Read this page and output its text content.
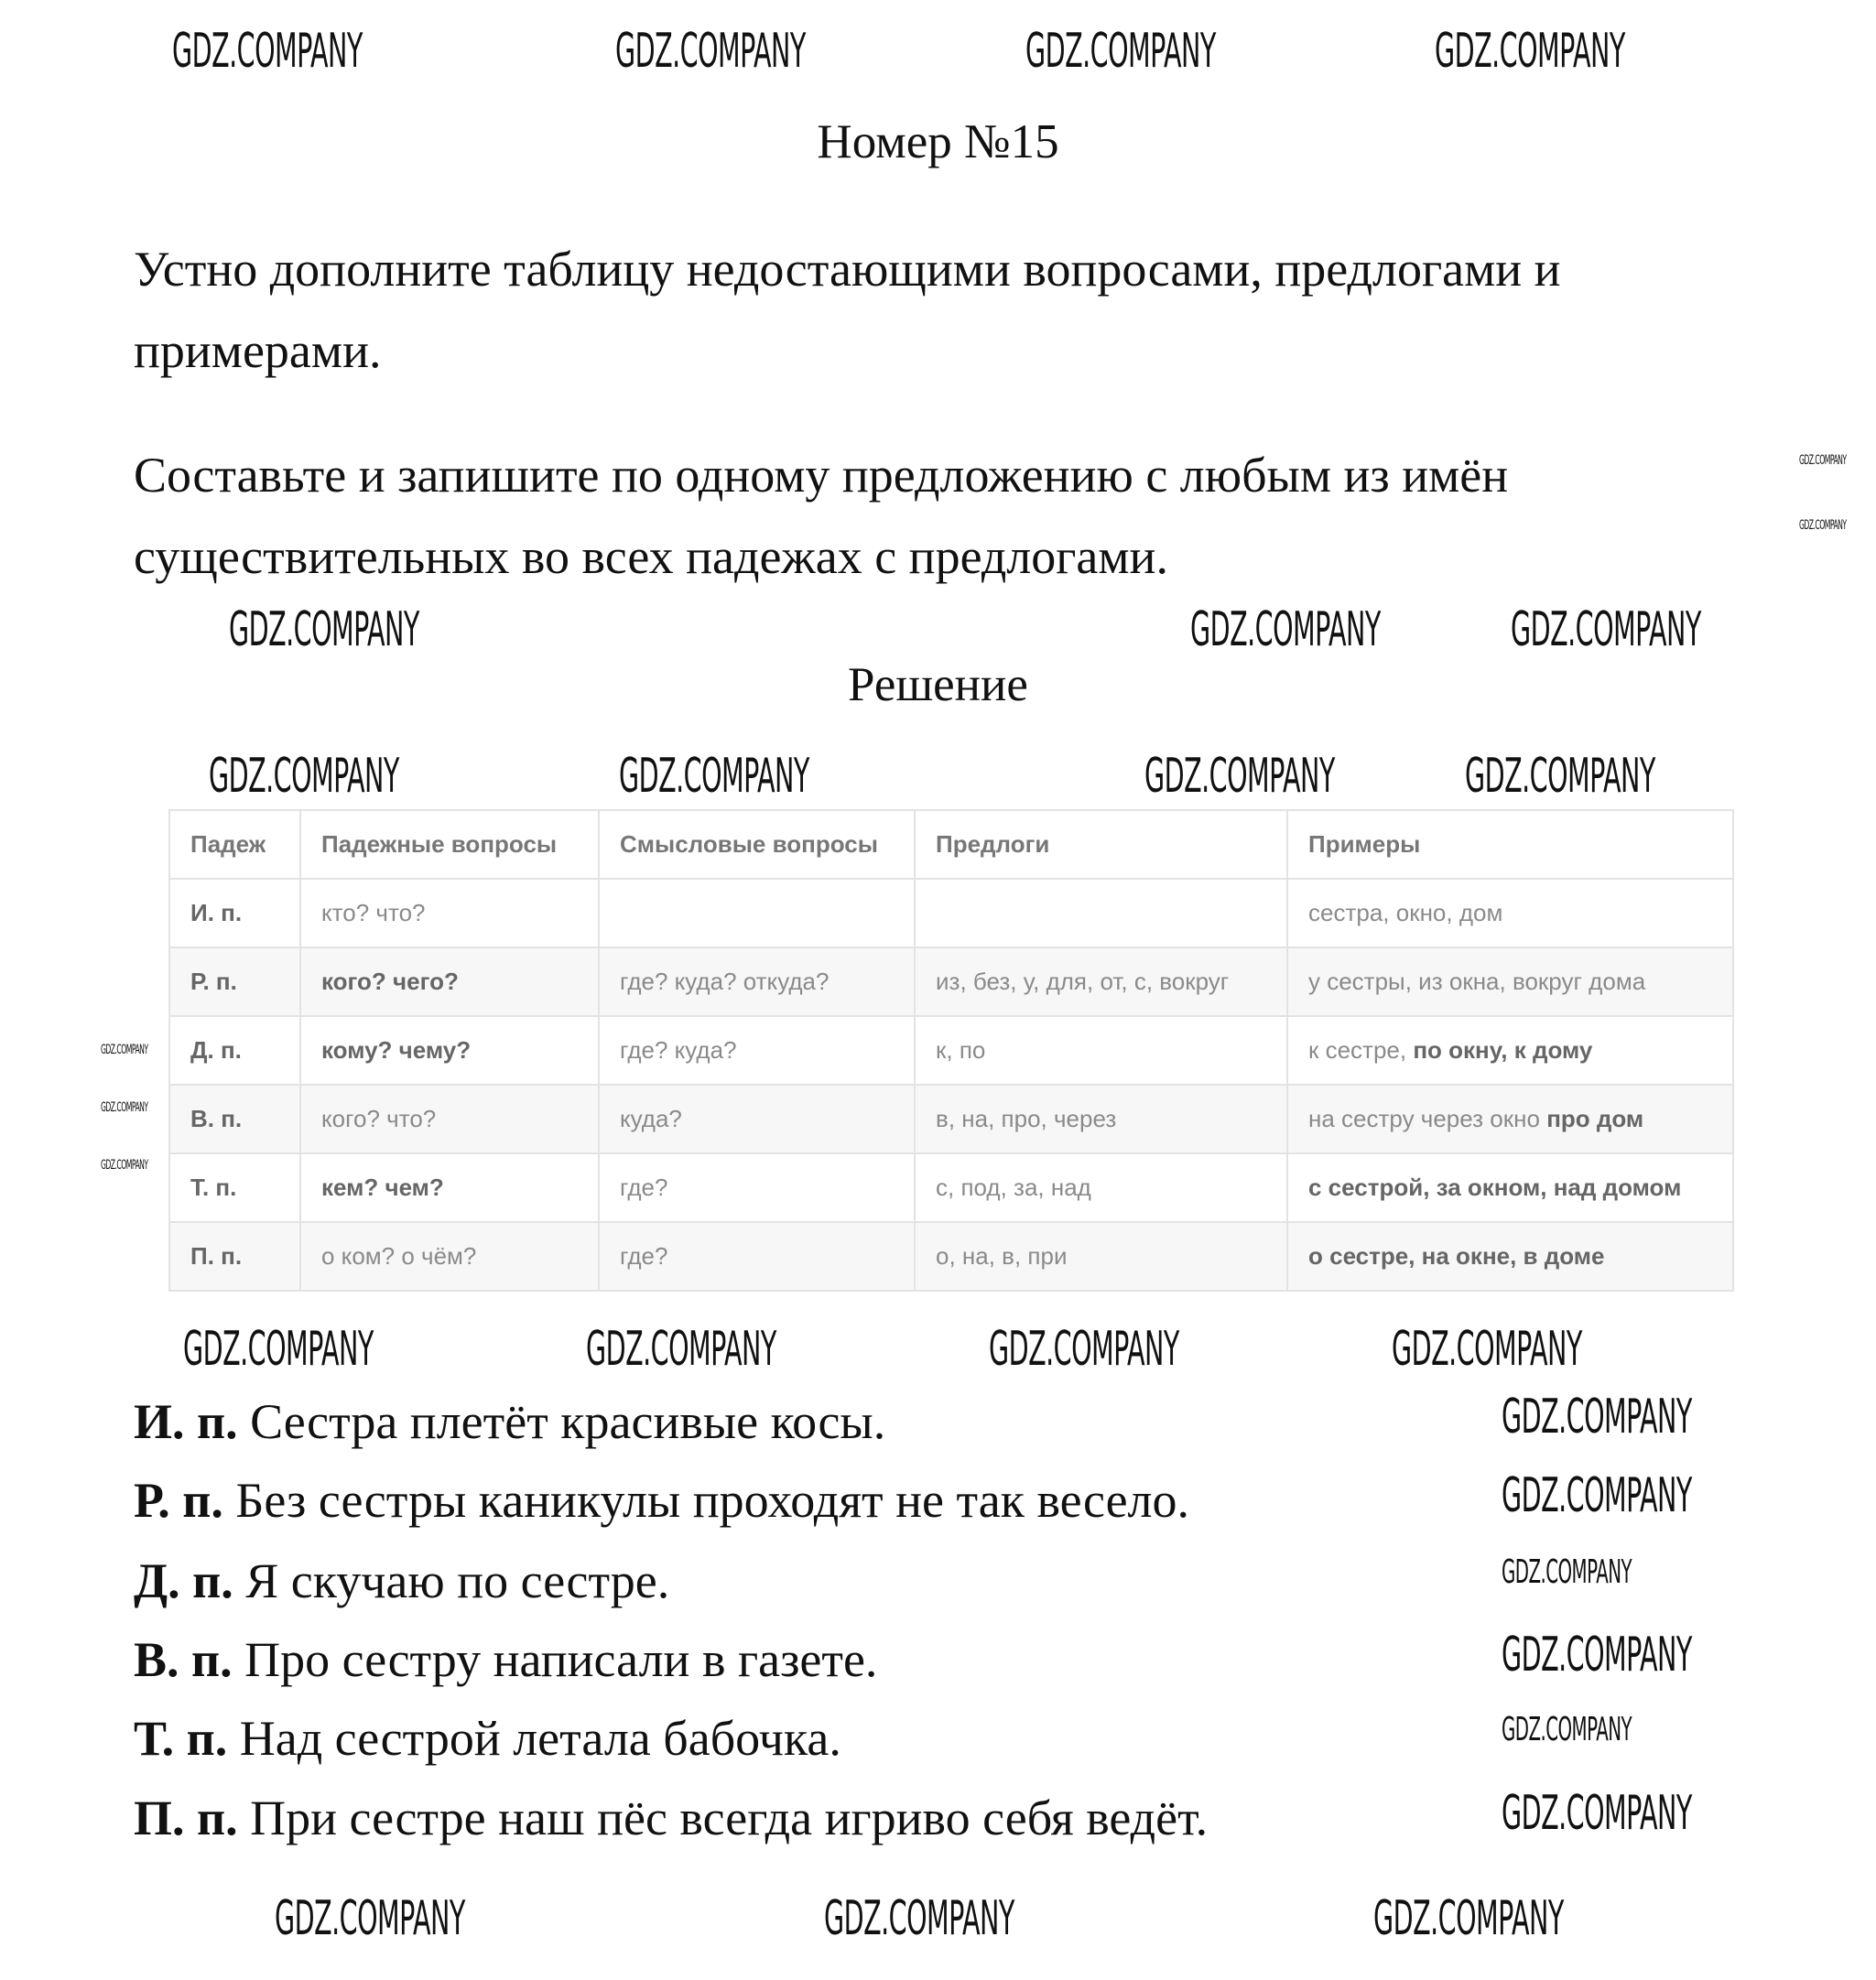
Номер №15

Устно дополните таблицу недостающими вопросами, предлогами и примерами.

Составьте и запишите по одному предложению с любым из имён существительных во всех падежах с предлогами.

Решение
Падеж	Падежные вопросы	Смысловые вопросы	Предлоги	Примеры
И. п.	кто? что?			сестра, окно, дом
Р. п.	кого? чего?	где? куда? откуда?	из, без, у, для, от, с, вокруг	у сестры, из окна, вокруг дома
Д. п.	кому? чему?	где? куда?	к, по	к сестре, по окну, к дому
В. п.	кого? что?	куда?	в, на, про, через	на сестру через окно про дом
Т. п.	кем? чем?	где?	с, под, за, над	с сестрой, за окном, над домом
П. п.	о ком? о чём?	где?	о, на, в, при	о сестре, на окне, в доме
И. п. Сестра плетёт красивые косы.
Р. п. Без сестры каникулы проходят не так весело.
Д. п. Я скучаю по сестре.
В. п. Про сестру написали в газете.
Т. п. Над сестрой летала бабочка.
П. п. При сестре наш пёс всегда игриво себя ведёт.
GDZ.COMPANY	GDZ.COMPANY	GDZ.COMPANY	GDZ.COMPANY
GDZ.COMPANY
GDZ.COMPANY
GDZ.COMPANY	GDZ.COMPANY	GDZ.COMPANY
GDZ.COMPANY	GDZ.COMPANY	GDZ.COMPANY	GDZ.COMPANY
GDZ.COMPANY
GDZ.COMPANY
GDZ.COMPANY
GDZ.COMPANY	GDZ.COMPANY	GDZ.COMPANY	GDZ.COMPANY
GDZ.COMPANY
GDZ.COMPANY
GDZ.COMPANY
GDZ.COMPANY
GDZ.COMPANY
GDZ.COMPANY
GDZ.COMPANY	GDZ.COMPANY	GDZ.COMPANY
